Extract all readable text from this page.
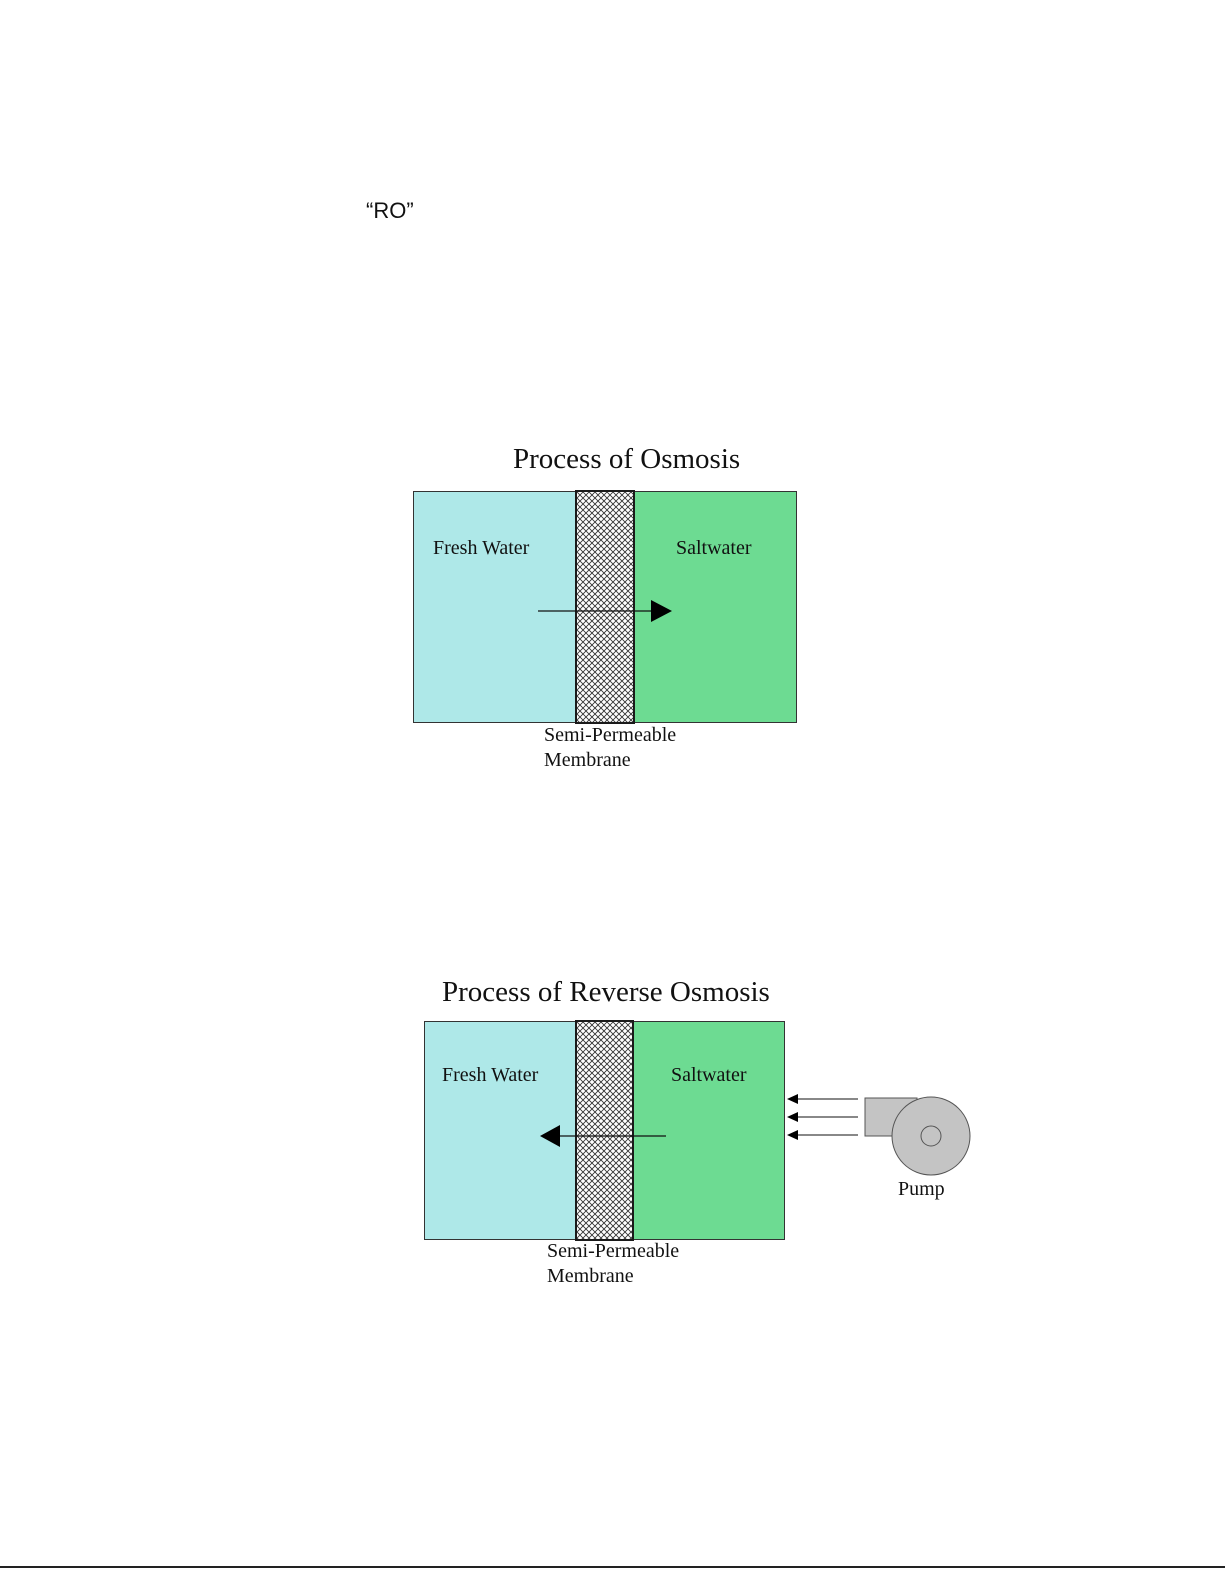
“RO”
Process of Osmosis
Fresh Water	Saltwater
Semi-Permeable
Membrane
Process of Reverse Osmosis
Fresh Water	Saltwater
Semi-Permeable
Membrane
Pump
